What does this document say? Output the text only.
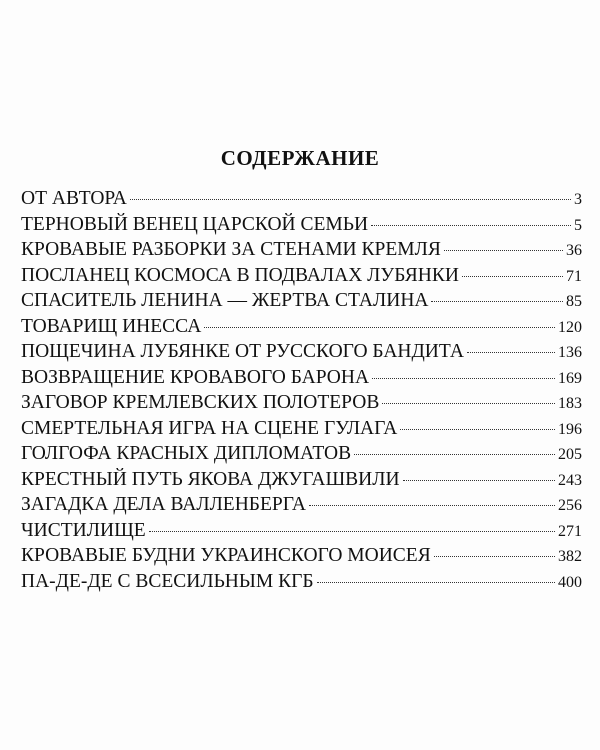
СОДЕРЖАНИЕ
ОТ АВТОРА	3
ТЕРНОВЫЙ ВЕНЕЦ ЦАРСКОЙ СЕМЬИ	5
КРОВАВЫЕ РАЗБОРКИ ЗА СТЕНАМИ КРЕМЛЯ	36
ПОСЛАНЕЦ КОСМОСА В ПОДВАЛАХ ЛУБЯНКИ	71
СПАСИТЕЛЬ ЛЕНИНА — ЖЕРТВА СТАЛИНА	85
ТОВАРИЩ ИНЕССА	120
ПОЩЕЧИНА ЛУБЯНКЕ ОТ РУССКОГО БАНДИТА	136
ВОЗВРАЩЕНИЕ КРОВАВОГО БАРОНА	169
ЗАГОВОР КРЕМЛЕВСКИХ ПОЛОТЕРОВ	183
СМЕРТЕЛЬНАЯ ИГРА НА СЦЕНЕ ГУЛАГА	196
ГОЛГОФА КРАСНЫХ ДИПЛОМАТОВ	205
КРЕСТНЫЙ ПУТЬ ЯКОВА ДЖУГАШВИЛИ	243
ЗАГАДКА ДЕЛА ВАЛЛЕНБЕРГА	256
ЧИСТИЛИЩЕ	271
КРОВАВЫЕ БУДНИ УКРАИНСКОГО МОИСЕЯ	382
ПА-ДЕ-ДЕ С ВСЕСИЛЬНЫМ КГБ	400
